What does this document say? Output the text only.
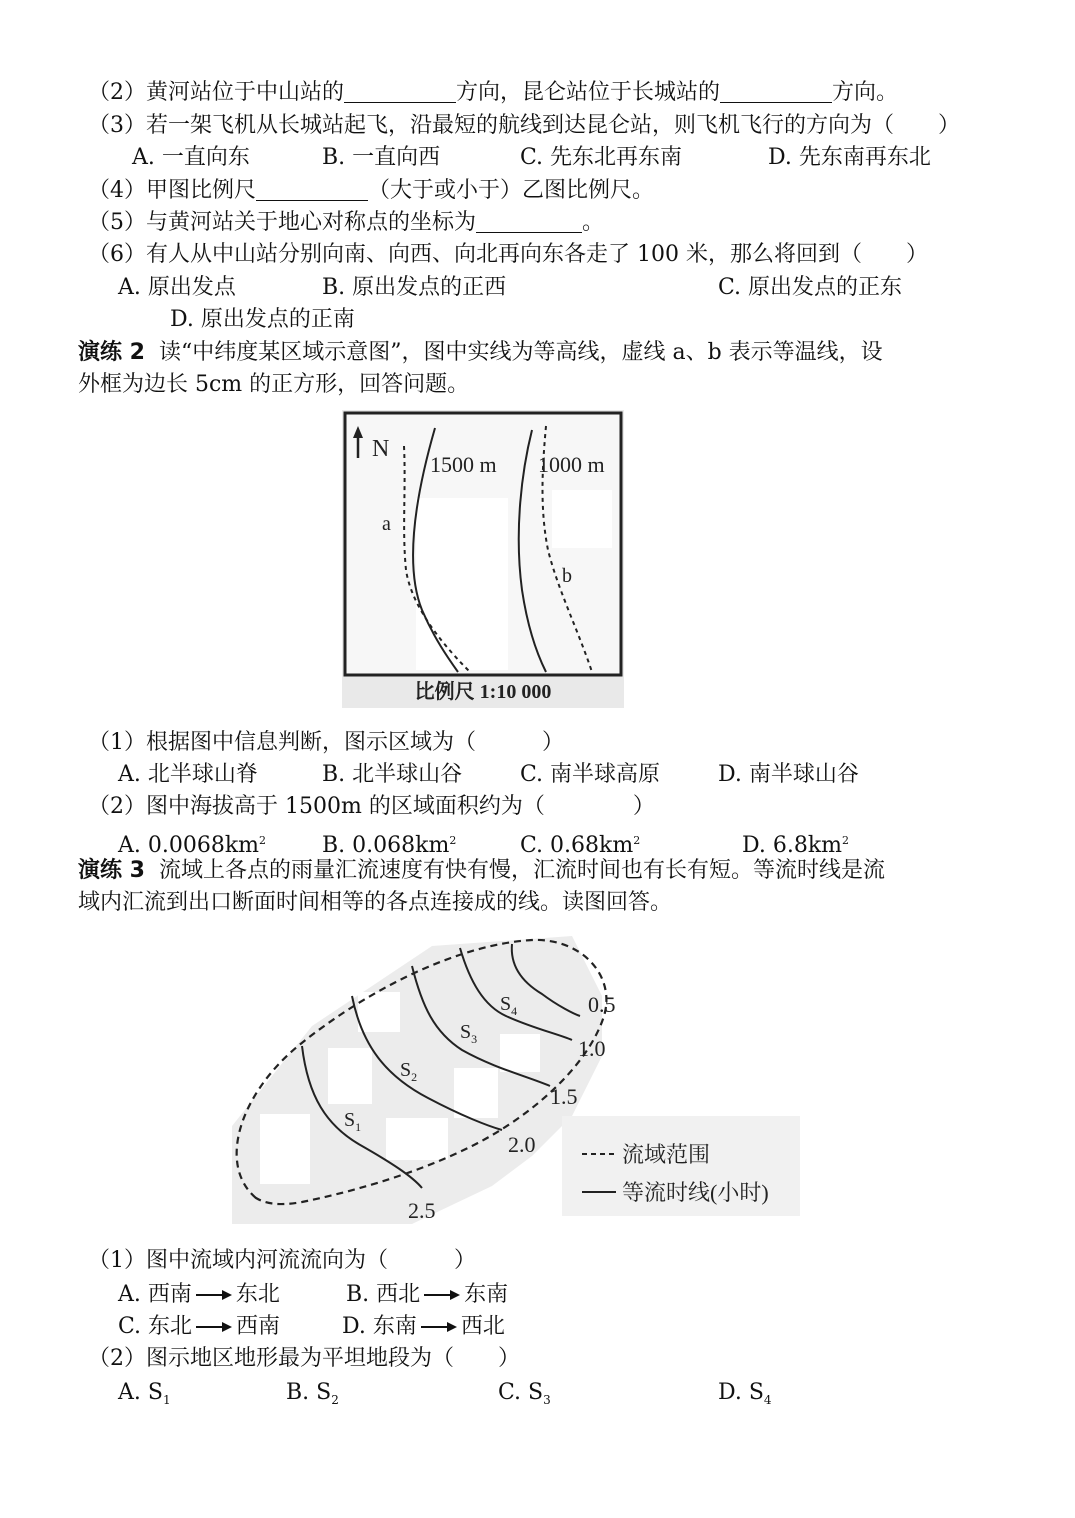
（2）黄河站位于中山站的	方向，昆仑站位于长城站的	方向。
（3）若一架飞机从长城站起飞，沿最短的航线到达昆仑站，则飞机飞行的方向为（　　）
A. 一直向东	B. 一直向西	C. 先东北再东南	D. 先东南再东北
（4）甲图比例尺	（大于或小于）乙图比例尺。
（5）与黄河站关于地心对称点的坐标为	。
（6）有人从中山站分别向南、向西、向北再向东各走了 100 米，那么将回到（　　）
A. 原出发点	B. 原出发点的正西	C. 原出发点的正东
D. 原出发点的正南
演练 2 读“中纬度某区域示意图”，图中实线为等高线，虚线 a、b 表示等温线，设
外框为边长 5cm 的正方形，回答问题。
N
1500 m
a
1000 m
b
比例尺 1:10 000
（1）根据图中信息判断，图示区域为（　　　）
A. 北半球山脊	B. 北半球山谷	C. 南半球高原	D. 南半球山谷
（2）图中海拔高于 1500m 的区域面积约为（　　　　）
A. $0.0068km^2$	B. $0.068km^2$	C. $0.68km^2$	D. $6.8km^2$
演练 3 流域上各点的雨量汇流速度有快有慢，汇流时间也有长有短。等流时线是流
域内汇流到出口断面时间相等的各点连接成的线。读图回答。
$S_4$
$S_3$
$S_2$
$S_1$
0.5
1.0
1.5
2.0
2.5
流域范围
等流时线(小时)
（1）图中流域内河流流向为（　　　）
A. 西南 东北	B. 西北 东南
C. 东北 西南	D. 东南 西北
（2）图示地区地形最为平坦地段为（　　）
A. $S_1$	B. $S_2$	C. $S_3$	D. $S_4$
